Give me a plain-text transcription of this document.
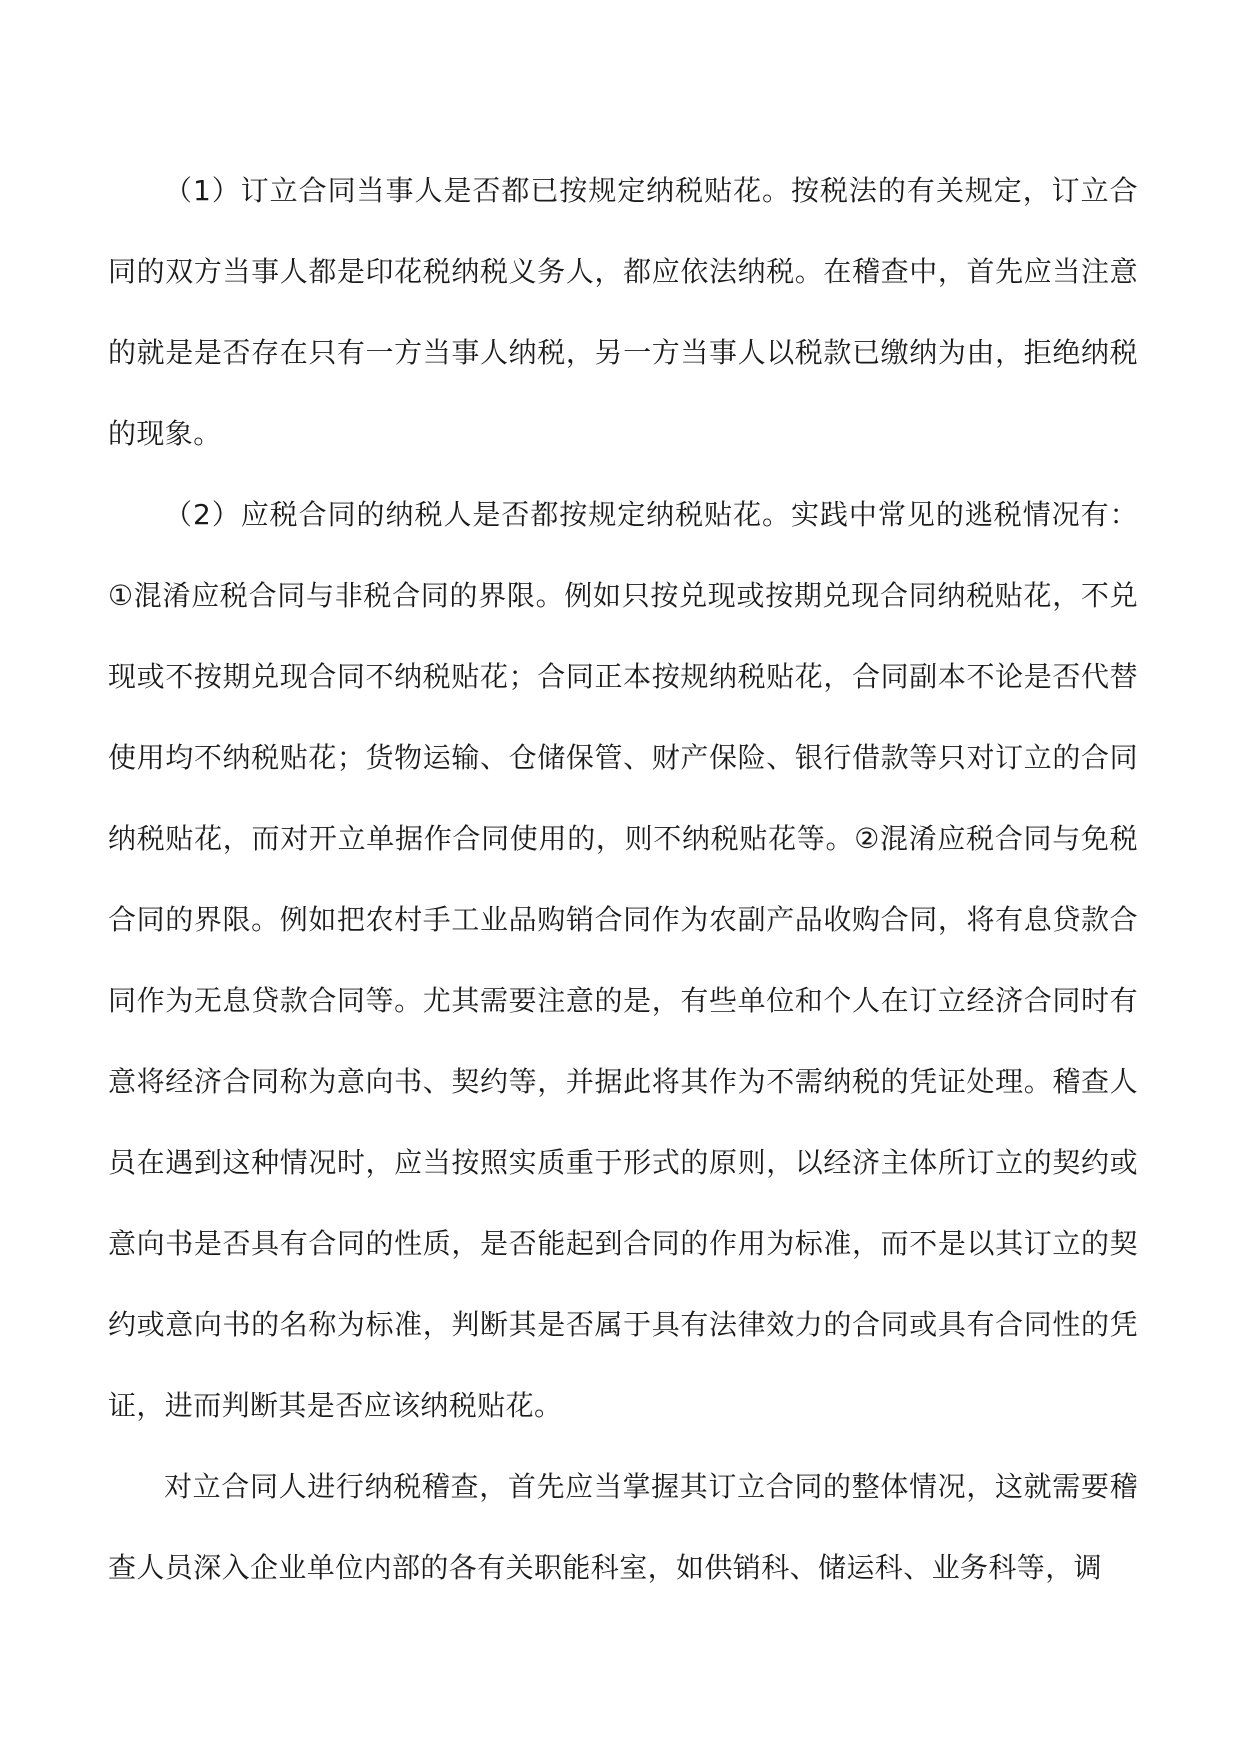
（1）订立合同当事人是否都已按规定纳税贴花。按税法的有关规定，订立合同的双方当事人都是印花税纳税义务人，都应依法纳税。在稽查中，首先应当注意的就是是否存在只有一方当事人纳税，另一方当事人以税款已缴纳为由，拒绝纳税的现象。

（2）应税合同的纳税人是否都按规定纳税贴花。实践中常见的逃税情况有：①混淆应税合同与非税合同的界限。例如只按兑现或按期兑现合同纳税贴花，不兑现或不按期兑现合同不纳税贴花；合同正本按规纳税贴花，合同副本不论是否代替使用均不纳税贴花；货物运输、仓储保管、财产保险、银行借款等只对订立的合同纳税贴花，而对开立单据作合同使用的，则不纳税贴花等。②混淆应税合同与免税合同的界限。例如把农村手工业品购销合同作为农副产品收购合同，将有息贷款合同作为无息贷款合同等。尤其需要注意的是，有些单位和个人在订立经济合同时有意将经济合同称为意向书、契约等，并据此将其作为不需纳税的凭证处理。稽查人员在遇到这种情况时，应当按照实质重于形式的原则，以经济主体所订立的契约或意向书是否具有合同的性质，是否能起到合同的作用为标准，而不是以其订立的契约或意向书的名称为标准，判断其是否属于具有法律效力的合同或具有合同性的凭证，进而判断其是否应该纳税贴花。

对立合同人进行纳税稽查，首先应当掌握其订立合同的整体情况，这就需要稽查人员深入企业单位内部的各有关职能科室，如供销科、储运科、业务科等，调
